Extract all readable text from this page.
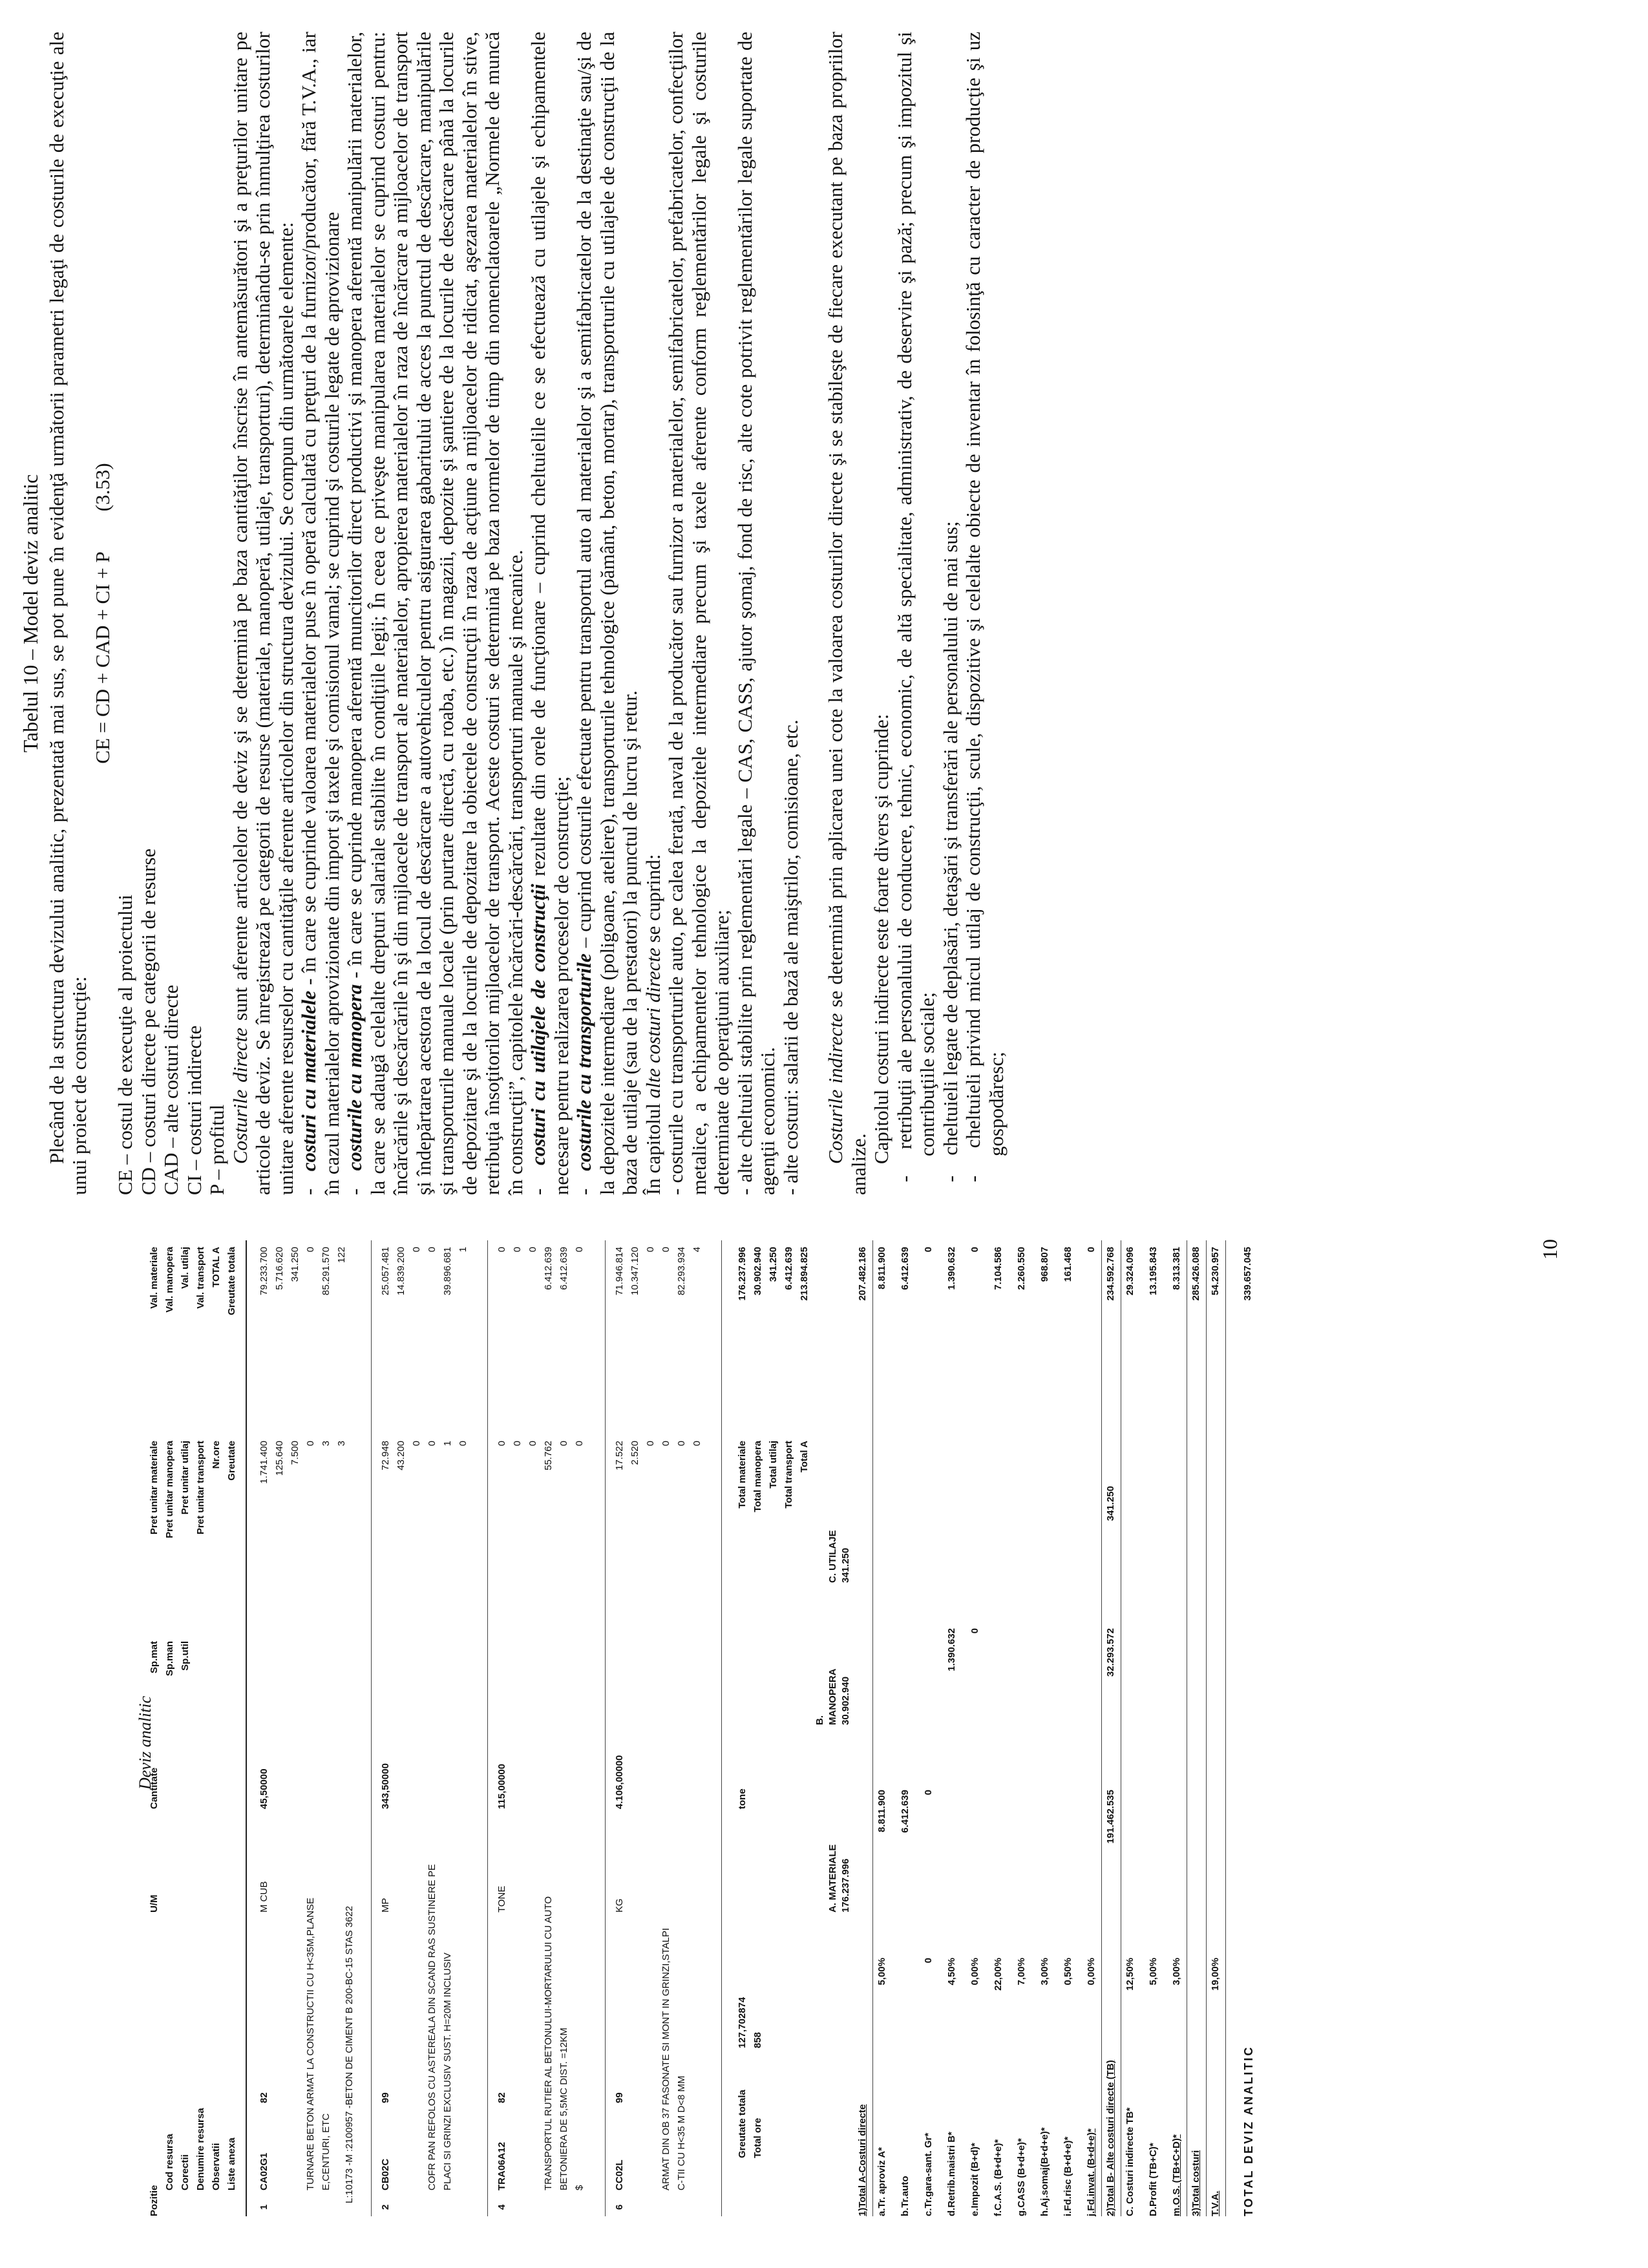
Tabelul 10 – Model deviz analitic Plecând de la structura devizului analitic, prezentată mai sus, se pot pune în evidenţă următorii parametri legaţi de costurile de execuţie ale unui proiect de construcţie:

CE = CD + CAD + CI + P        (3.53)

CE – costul de execuţie al proiectului CD – costuri directe pe categorii de resurse CAD – alte costuri directe CI – costuri indirecte P – profitul Costurile directe sunt aferente articolelor de deviz şi se determină pe baza cantităţilor înscrise în antemăsurători şi a preţurilor unitare pe articole de deviz. Se înregistrează pe categorii de resurse (materiale, manoperă, utilaje, transporturi), determinându-se prin înmulţirea costurilor unitare aferente resurselor cu cantităţile aferente articolelor din structura devizului. Se compun din următoarele elemente: -   costuri cu materialele - în care se cuprinde valoarea materialelor puse în operă calculată cu preţuri de la furnizor/producător, fără T.V.A., iar în cazul materialelor aprovizionate din import şi taxele şi comisionul vamal; se cuprind şi costurile legate de aprovizionare -   costurile cu manopera - în care se cuprinde manopera aferentă muncitorilor direct productivi şi manopera aferentă manipulării materialelor, la care se adaugă celelalte drepturi salariale stabilite în condiţiile legii; În ceea ce priveşte manipularea materialelor se cuprind costuri pentru: încărcările şi descărcările în şi din mijloacele de transport ale materialelor, apropierea materialelor în raza de încărcare a mijloacelor de transport şi îndepărtarea acestora de la locul de descărcare a autovehiculelor pentru asigurarea gabaritului de acces la punctul de descărcare, manipulările şi transporturile manuale locale (prin purtare directă, cu roaba, etc.) în magazii, depozite şi şantiere de la locurile de descărcare până la locurile de depozitare şi de la locurile de depozitare la obiectele de construcţii în raza de acţiune a mijloacelor de ridicat, aşezarea materialelor în stive, retribuţia însoţitorilor mijloacelor de transport. Aceste costuri se determină pe baza normelor de timp din nomenclatoarele „Normele de muncă în construcţii”, capitolele încărcări-descărcări, transporturi manuale şi mecanice. -   costuri cu utilajele de construcţii rezultate din orele de funcţionare – cuprind cheltuielile ce se efectuează cu utilajele şi echipamentele necesare pentru realizarea proceselor de construcţie; -   costurile cu transporturile – cuprind costurile efectuate pentru transportul auto al materialelor şi a semifabricatelor de la destinaţie sau/şi de la depozitele intermediare (poligoane, ateliere), transporturile tehnologice (pământ, beton, mortar), transporturile cu utilajele de construcţii de la baza de utilaje (sau de la prestatori) la punctul de lucru şi retur. În capitolul alte costuri directe se cuprind: - costurile cu transporturile auto, pe calea ferată, naval de la producător sau furnizor a materialelor, semifabricatelor, prefabricatelor, confecţiilor metalice, a echipamentelor tehnologice la depozitele intermediare precum şi taxele aferente conform reglementărilor legale şi costurile determinate de operaţiuni auxiliare; - alte cheltuieli stabilite prin reglementări legale – CAS, CASS, ajutor şomaj, fond de risc, alte cote potrivit reglementărilor legale suportate de agenţii economici. - alte costuri: salarii de bază ale maiştrilor, comisioane, etc. Costurile indirecte se determină prin aplicarea unei cote la valoarea costurilor directe şi se stabileşte de fiecare executant pe baza propriilor analize.

Capitolul costuri indirecte este foarte divers şi cuprinde:

-    retribuţii ale personalului de conducere, tehnic, economic, de altă specialitate, administrativ, de deservire şi pază; precum şi impozitul şi contribuţiile sociale;

-    cheltuieli legate de deplasări, detaşări şi transferări ale personalului de mai sus;

-    cheltuieli privind micul utilaj de construcţii, scule, dispozitive şi celelalte obiecte de inventar în folosinţă cu caracter de producţie şi uz gospodăresc;

10
Deviz analitic
Pozitie
Cod resursa Corectii Denumire resursa Observatii Liste anexa
U/M
Cantitate
Sp.mat Sp.man Sp.util
Pret unitar materiale Pret unitar manopera Pret unitar utilaj Pret unitar transport Nr.ore Greutate
Val. materiale Val. manopera Val. utilaj Val. transport TOTAL A Greutate totala
1
CA02G1
82
M CUB
45,50000
1.741.400 125.640 7.500 0 3 3
79.233.700 5.716.620 341.250 0 85.291.570 122
TURNARE BETON ARMAT LA CONSTRUCTII CU H<35M,PLANSE E,CENTURI, ETC L:10173 -M :2100957 -BETON DE CIMENT B 200-BC-15 STAS 3622
2
CB02C
99
MP
343,50000
72.948 43.200 0 0 1 0
25.057.481 14.839.200 0 0 39.896.681 1
COFR PAN REFOLOS CU ASTEREALA DIN SCAND RAS SUSTINERE PE PLACI SI GRINZI EXCLUSIV SUST. H=20M INCLUSIV
4
TRA06A12
82
TONE
115,00000
0 0 0 55.762 0 0
0 0 0 6.412.639 6.412.639 0
TRANSPORTUL RUTIER AL BETONULUI-MORTARULUI CU AUTO BETONIERA DE 5,5MC DIST. =12KM $
6
CC02L
99
KG
4.106,00000
17.522 2.520 0 0 0 0
71.946.814 10.347.120 0 0 82.293.934 4
ARMAT DIN OB 37 FASONATE SI MONT IN GRINZI,STALPI C-TII CU H<35 M D<8 MM	Greutate totala
127,702874
tone
Total ore
858
Total materiale Total manopera Total utilaj Total transport Total A
176.237.996 30.902.940 341.250 6.412.639 213.894.825
A. MATERIALE 176.237.996
B. MANOPERA 30.902.940
C. UTILAJE 341.250
1)Total A-Costuri directe
207.482.186
a.Tr. aproviz A*
5,00%
8.811.900
8.811.900
b.Tr.auto
6.412.639
6.412.639
c.Tr.gara-sant. Gr*
0
0
0
d.Retrib.maistri B*
4,50%
1.390.632
1.390.632
e.Impozit (B+d)*
0,00%
0
0
f.C.A.S. (B+d+e)*
22,00%
7.104.586
g.CASS (B+d+e)*
7,00%
2.260.550
h.Aj.somaj(B+d+e)*
3,00%
968.807
i.Fd.risc (B+d+e)*
0,50%
161.468
j.Fd.invat. (B+d+e)*
0,00%
0
2)Total B- Alte costuri directe (TB)
191.462.535
32.293.572
341.250
234.592.768
C. Costuri indirecte TB*
12,50%
29.324.096
D.Profit (TB+C)*
5,00%
13.195.843
m.O.S. (TB+C+D)*
3,00%
8.313.381
3)Total costuri
285.426.088
T.V.A.
19,00%
54.230.957
TOTAL DEVIZ ANALITIC
339.657.045
